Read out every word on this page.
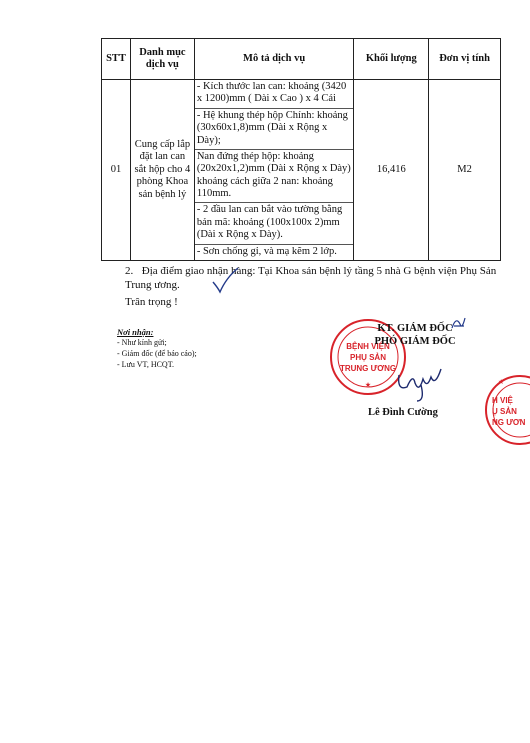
STT	Danh mục dịch vụ	Mô tả dịch vụ	Khối lượng	Đơn vị tính
01	Cung cấp lắp đặt lan can sắt hộp cho 4 phòng Khoa sản bệnh lý	- Kích thước lan can: khoảng (3420 x 1200)mm ( Dài x Cao ) x 4 Cái

- Hệ khung thép hộp Chính: khoảng (30x60x1,8)mm (Dài x Rộng x Dày);

Nan đứng thép hộp: khoảng (20x20x1,2)mm (Dài x Rộng x Dày) khoảng cách giữa 2 nan: khoảng 110mm.

- 2 đầu lan can bắt vào tường bằng bản mã: khoảng (100x100x 2)mm (Dài x Rộng x Dày).

- Sơn chống gỉ, và mạ kẽm 2 lớp.	16,416	M2
2. Địa điểm giao nhận hàng: Tại Khoa sản bệnh lý tầng 5 nhà G bệnh viện Phụ Sản Trung ương.
Trân trọng !
Nơi nhận:
- Như kính gửi;
- Giám đốc (để báo cáo);
- Lưu VT, HCQT.
BỆNH VIỆN
PHỤ SẢN
TRUNG ƯƠNG
★
H VIỆ
Ụ SẢN
NG ƯƠN
★
KT. GIÁM ĐỐC
PHÓ GIÁM ĐỐC
Lê Đình Cường
